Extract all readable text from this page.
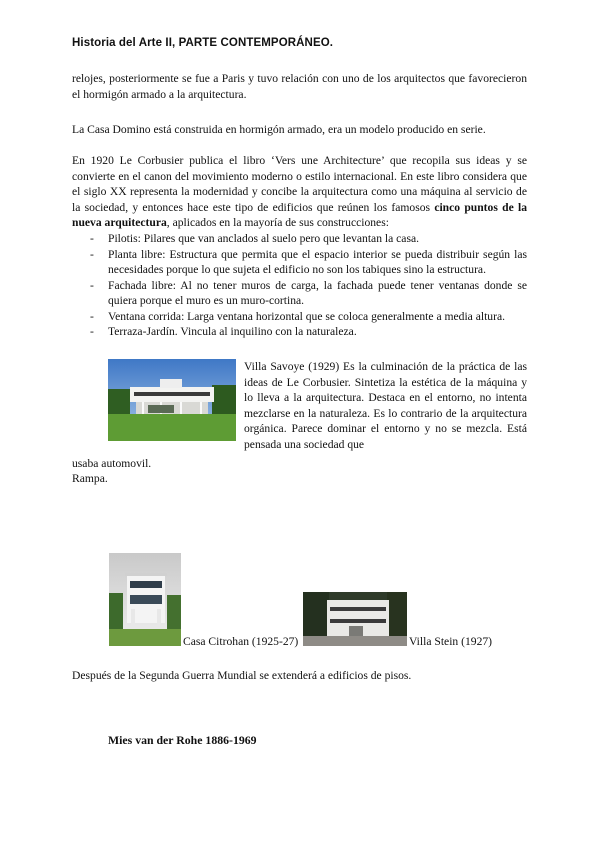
Historia del Arte II, PARTE CONTEMPORÁNEO.
relojes, posteriormente se fue a Paris y tuvo relación con uno de los arquitectos que favorecieron el hormigón armado a la arquitectura.
La Casa Domino está construida en hormigón armado, era un modelo producido en serie.
En 1920 Le Corbusier publica el libro ‘Vers une Architecture’ que recopila sus ideas y se convierte en el canon del movimiento moderno o estilo internacional. En este libro considera que el siglo XX representa la modernidad y concibe la arquitectura como una máquina al servicio de la sociedad, y entonces hace este tipo de edificios que reúnen los famosos cinco puntos de la nueva arquitectura, aplicados en la mayoría de sus construcciones:
- Pilotis: Pilares que van anclados al suelo pero que levantan la casa.
- Planta libre: Estructura que permita que el espacio interior se pueda distribuir según las necesidades porque lo que sujeta el edificio no son los tabiques sino la estructura.
- Fachada libre: Al no tener muros de carga, la fachada puede tener ventanas donde se quiera porque el muro es un muro-cortina.
- Ventana corrida: Larga ventana horizontal que se coloca generalmente a media altura.
- Terraza-Jardín. Vincula al inquilino con la naturaleza.
Villa Savoye (1929) Es la culminación de la práctica de las ideas de Le Corbusier. Sintetiza la estética de la máquina y lo lleva a la arquitectura. Destaca en el entorno, no intenta mezclarse en la naturaleza. Es lo contrario de la arquitectura orgánica. Parece dominar el entorno y no se mezcla. Está pensada una sociedad que
usaba automovil.
Rampa.
Casa Citrohan (1925-27)	Villa Stein (1927)
Después de la Segunda Guerra Mundial se extenderá a edificios de pisos.
Mies van der Rohe 1886-1969
